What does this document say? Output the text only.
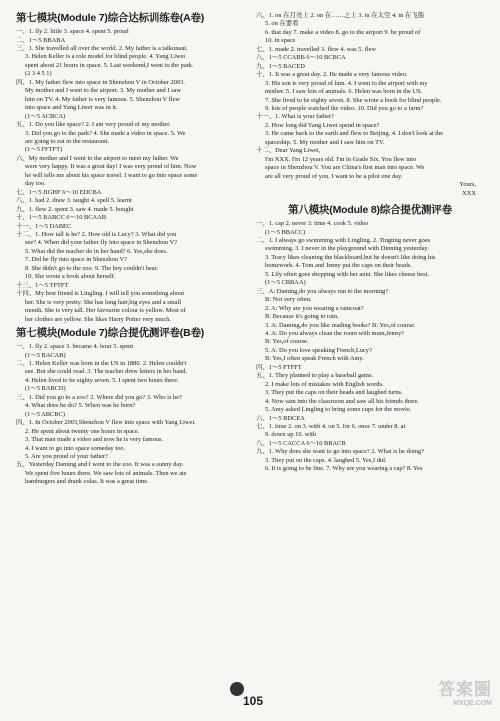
第七模块(Module 7)综合达标训练卷(A卷)

一、1. fly 2. little 3. space 4. spent 5. proud

二、1～5 BBABA

三、1. She travelled all over the world. 2. My father is a talkonaut.

3. Helen Keller is a role model for blind people. 4. Yang Liwei

spent about 21 hours in space. 5. Last weekend,I went to the park.

(2 3 4 5 1)

四、1. My father flew into space in Shenzhou V in October 2003.

My mother and I went to the airport. 3. My mother and I saw

him on TV. 4. My father is very famous. 5. Shenzhou V flew

into space and Yang Liwei was in it.

(1～5 ACBCA)

五、1. Do you like space? 2. I am very proud of my mother.

3. Did you go to the park? 4. She made a video in space. 5. We

are going to eat in the restaurant.

(1～5 FFTFT)

六、My mother and I went to the airport to meet my father. We

were very happy. It was a great day! I was very proud of him. Now

he will tells me about his space travel. I want to go into space some

day too.

七、1～5 JIGHF 6～10 EDCBA

八、1. had 2. draw 3. taught 4. spell 5. learnt

九、1. flew 2. spent 3. saw 4. made 5. bought

十、1～5 BABCC 6～10 BCAAB

十一、1～5 DABEC

十二、1. How tall is he? 2. How old is Lucy? 3. What did you

see? 4. When did your father fly into space in Shenzhou V?

5. What did the teacher do in her hand? 6. Yes,she does.

7. Did he fly into space in Shenzhou V?

8. She didn't go to the zoo. 9. The boy couldn't hear.

10. She wrote a book about herself.

十三、1～5 TFTFT

十四、My best friend is Lingling. I will tell you something about

her. She is very pretty. She has long hair,big eyes and a small

mouth. She is very tall. Her favourite colour is yellow. Most of

her clothes are yellow. She likes Harry Potter very much.

第七模块(Module 7)综合提优测评卷(B卷)

一、1. fly 2. space 3. became 4. hour 5. spent

(1～5 BACAB)

二、1. Helen Keller was born in the US in 1880. 2. Helen couldn't

see. But she could read. 3. The teacher drew letters in her hand.

4. Helen lived to be eighty seven. 5. I spent two hours there.

(1～5 BABCD)

三、1. Did you go to a zoo? 2. Where did you go? 3. Who is he?

4. What does he do? 5. When was he born?

(1～5 ABCBC)

四、1. In October 2003,Shenzhou V flew into space with Yang Liwei.

2. He spent about twenty one hours in space.

3. That man made a video and now he is very famous.

4. I want to go into space someday too.

5. Are you proud of your father?

五、Yesterday Daming and I went to the zoo. It was a sunny day.

We spent five hours there. We saw lots of animals. Then we ate

hamburgers and drank colas. It was a great time.

六、1. on 在月亮上 2. on 在……之上 3. in 在太空 4. in 在飞船

5. on 在要看

6. that day 7. make a video 8. go to the airport 9. be proud of

10. in space

七、1. made 2. travelled 3. flew 4. was 5. flew

八、1～5 CCABB 6～10 BCBCA

九、1～5 BACED

十、1. It was a great day. 2. He made a very famous video.

3. His son is very proud of him. 4. I went to the airport with my

mother. 5. I saw lots of animals. 6. Helen was born in the US.

7. She lived to be eighty seven. 8. She wrote a book for blind people.

9. lots of people watched the video. 10. Did you go to a farm?

十一、1. What is your father?

2. How long did Yang Liwei spend in space?

3. He came back to the earth and flew to Beijing. 4. I don't look at the

spaceship. 5. My mother and I saw him on TV.

十二、Dear Yang Liwei,

I'm XXX. I'm 12 years old. I'm in Grade Six. You flew into

space in Shenzhou V. You are China's first man into space. We

are all very proud of you. I want to be a pilot one day.

Yours,

XXX

第八模块(Module 8)综合提优测评卷

一、1. cap 2. never 3. time 4. cook 5. video

(1～5 BBACC)

二、1. I always go swimming with Lingling. 2. Tingting never goes

swimming. 3. I never in the playground with Dinning yesterday.

3. Tracy likes cleaning the blackboard,but he doesn't like doing his

homework. 4. Tom and Jenny put the caps on their heads.

5. Lily often goes shopping with her aunt. She likes cheese best.

(1～5 CBBAA)

三、A: Daming,do you always run to the morning?

B: Not very often.

2. A: Why are you wearing a raincoat?

B: Because it's going to rain.

3. A: Daming,do you like reading books? B: Yes,of course.

4. A: Do you always clean the room with mum,Jenny?

B: Yes,of course.

5. A: Do you love speaking French,Lucy?

B: Yes,I often speak French with Amy.

四、1～5 FTFFT

五、1. They planned to play a baseball game.

2. I make lots of mistakes with English words.

3. They put the caps on their heads and laughed turns.

4. Now sam into the classroom and saw all his friends there.

5. Amy asked Lingling to bring some cups for the movie.

六、1～5 BDCEA

七、1. time 2. on 3. with 4. on 5. for 6. once 7. under 8. at

9. down up 10. with

八、1～5 CACCA 6～10 BBACB

九、1. Why does she want to go into space? 2. What is he doing?

3. They put on the caps. 4. laughed 5. Yes,I did.

6. It is going to be fine. 7. Why are you wearing a cap? 8. Yes

105
答案圈
MXQE.COM
